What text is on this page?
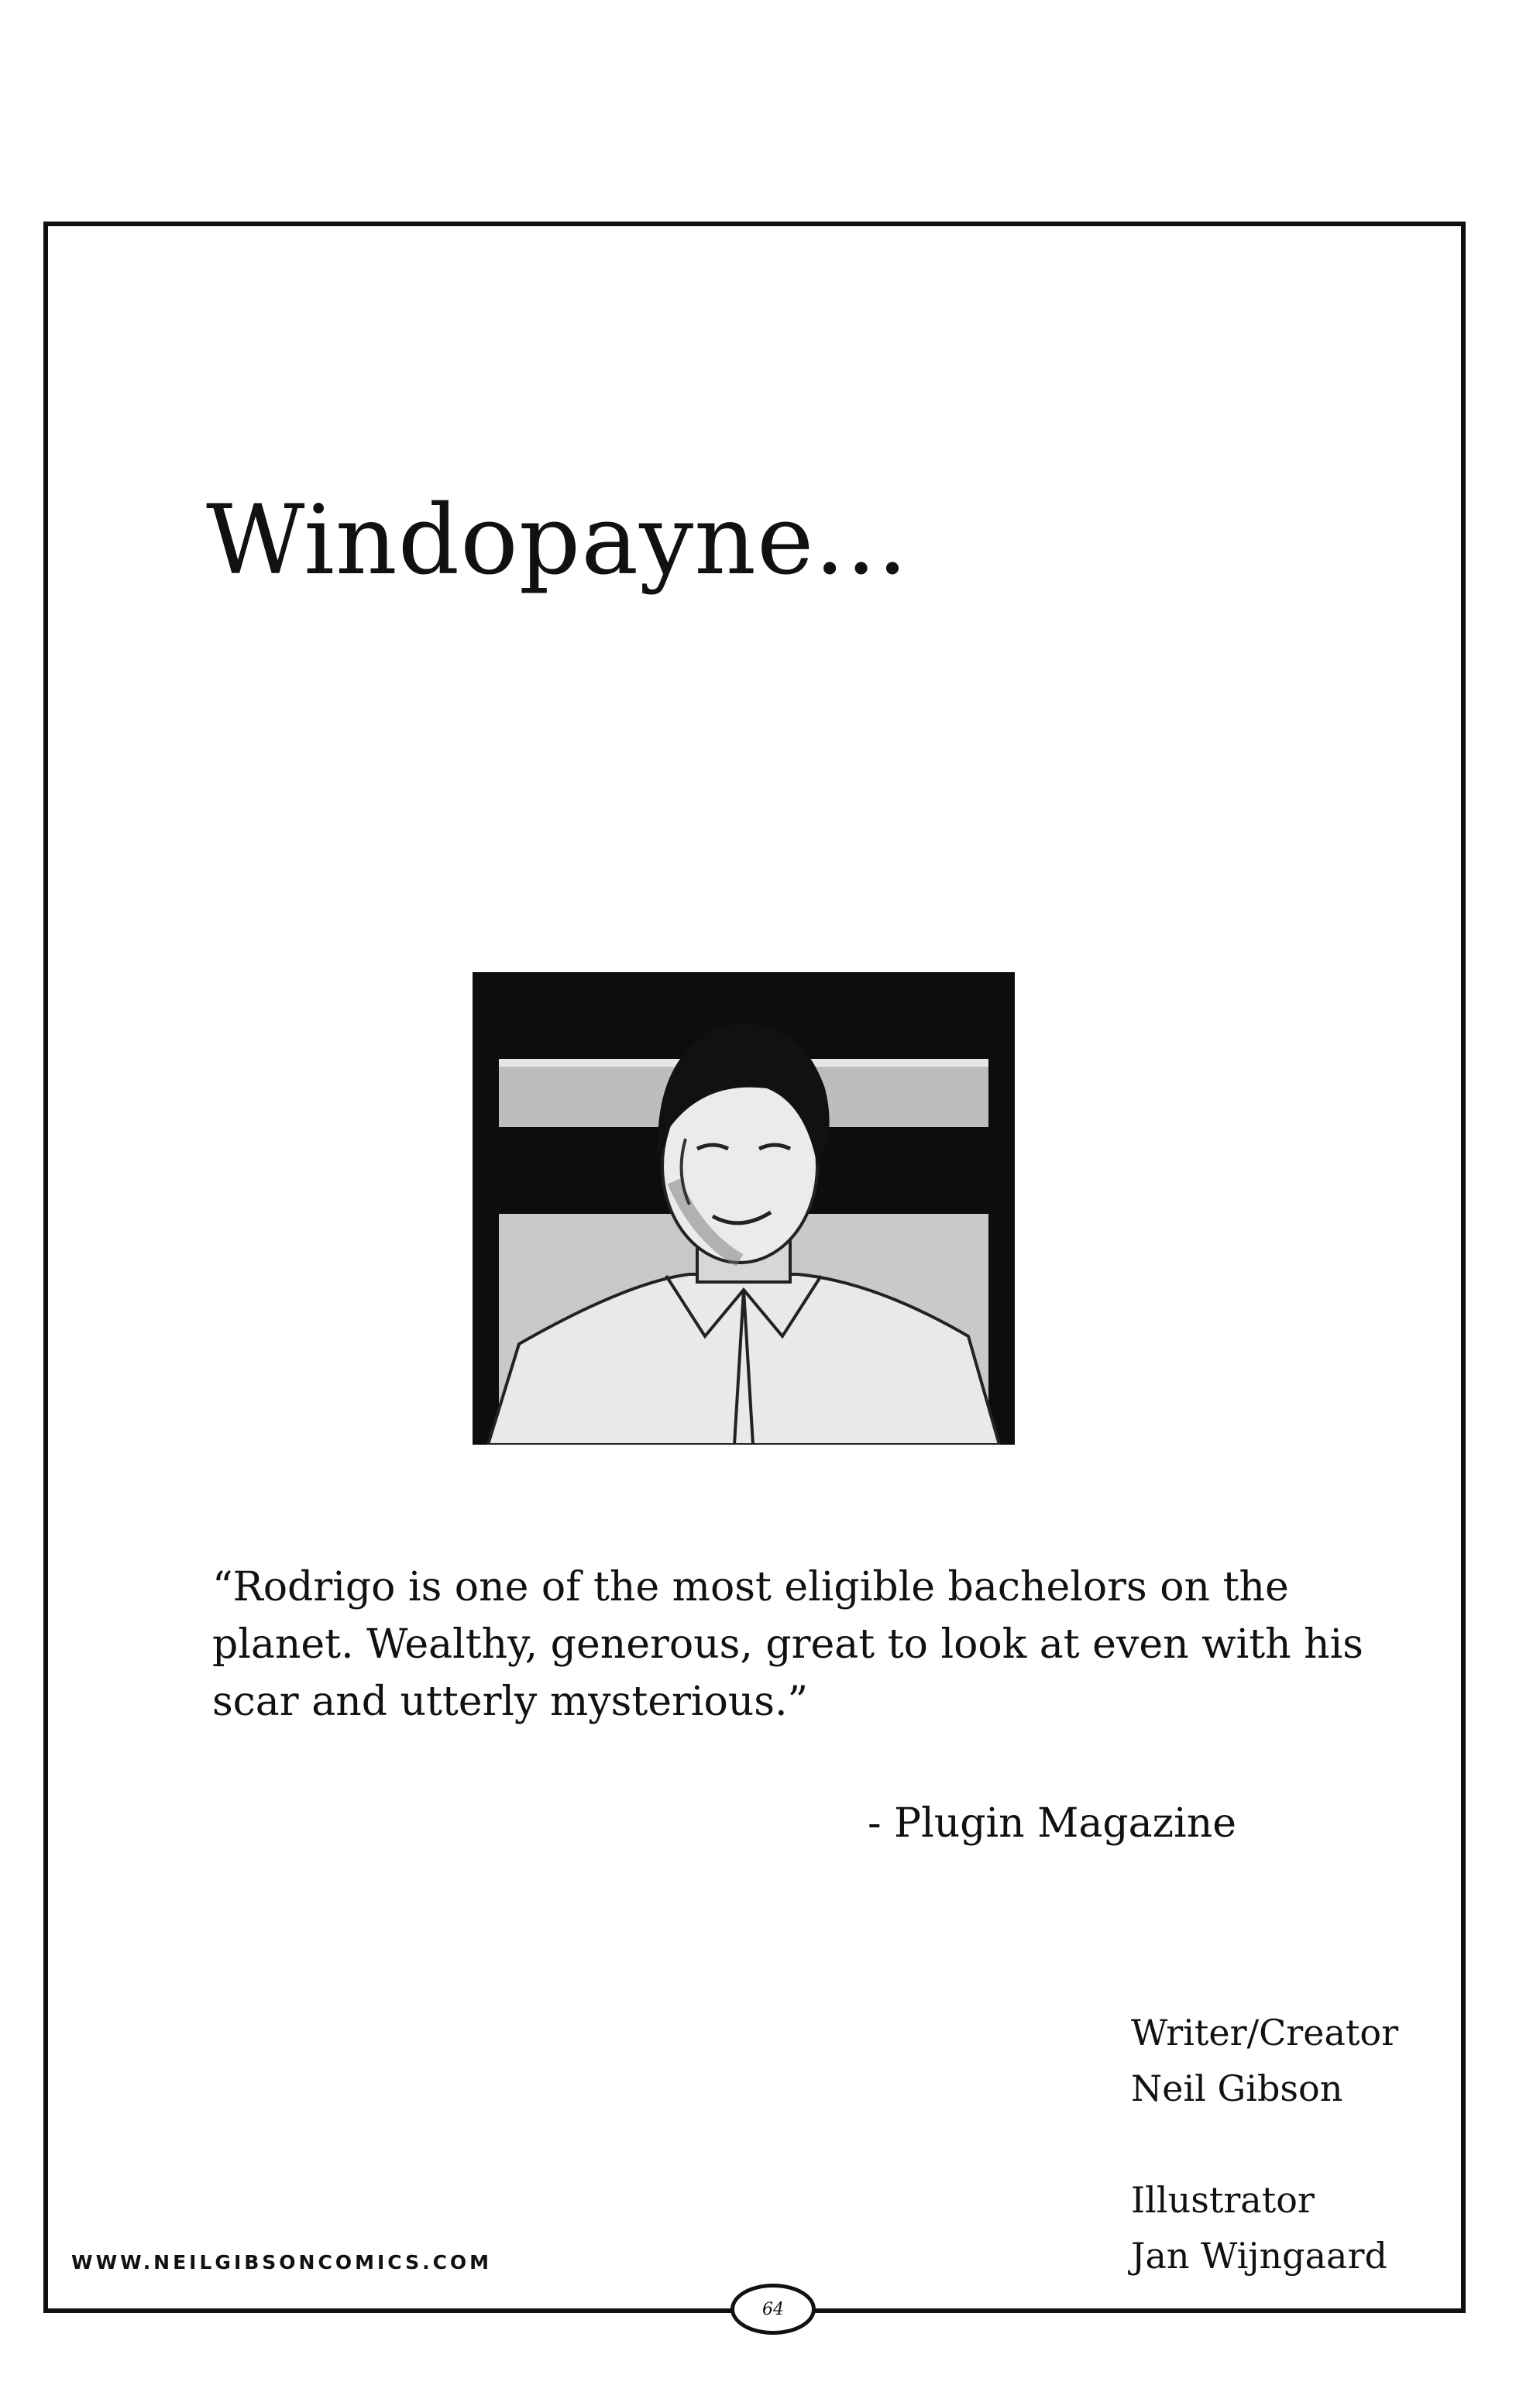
Windopayne...

“Rodrigo is one of the most eligible bachelors on the planet. Wealthy, generous, great to look at even with his scar and utterly mysterious.”

- Plugin Magazine
Writer/Creator
Neil Gibson
Illustrator
Jan Wijngaard
WWW.NEILGIBSONCOMICS.COM
64
